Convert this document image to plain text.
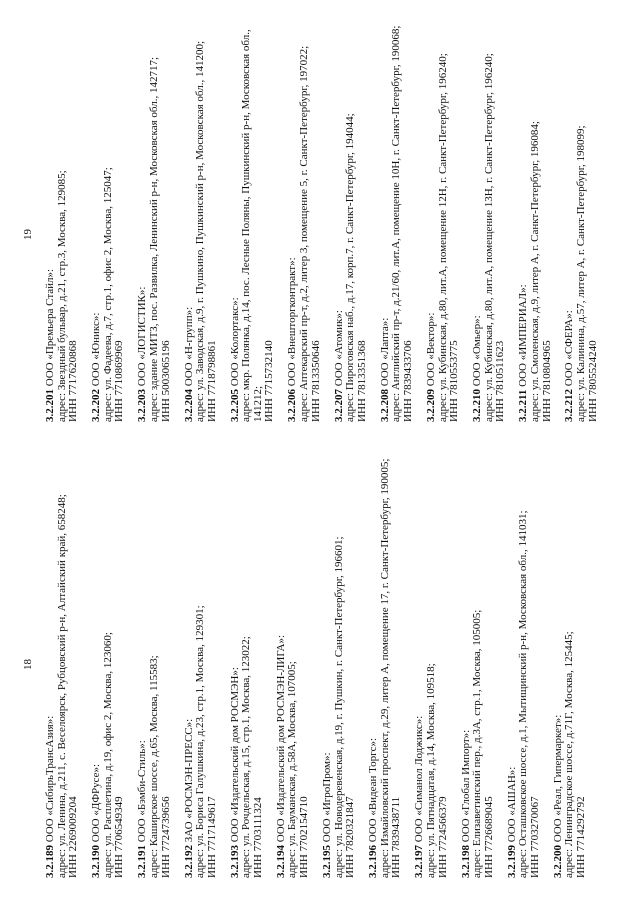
18
19
3.2.189 ООО «СибирьТрансАзия»: адрес: ул. Ленина, д.211, с. Веселоярск, Рубцовский р-н, Алтайский край, 658248; ИНН 2269009204 3.2.190 ООО «ДФРусе»: адрес: ул. Расплетина, д.19, офис 2, Москва, 123060; ИНН 7706549349 3.2.191 ООО «Бэмби-Стиль»: адрес: Каширское шоссе, д.65, Москва, 115583; ИНН 7724739656 3.2.192 ЗАО «РОСМЭН-ПРЕСС»: адрес: ул. Бориса Галушкина, д.23, стр.1, Москва, 129301; ИНН 7717149617 3.2.193 ООО «Издательский дом РОСМЭН»: адрес: ул. Рочдельская, д.15, стр.1, Москва, 123022; ИНН 7703111324 3.2.194 ООО «Издательский дом РОСМЭН-ЛИГА»: адрес: ул. Бауманская, д.58А, Москва, 107005; ИНН 7702154710 3.2.195 ООО «ИгроПром»: адрес: ул. Новодеревенская, д.19, г. Пушкин, г. Санкт-Петербург, 196601; ИНН 7820321847 3.2.196 ООО «Видеан Торгс»: адрес: Измайловский проспект, д.29, литер А, помещение 17, г. Санкт-Петербург, 190005; ИНН 7839438711 3.2.197 ООО «Симанол Лоджикс»: адрес: ул. Пятнадцатая, д.14, Москва, 109518; ИНН 7724566379 3.2.198 ООО «Глобал Импорт»: адрес: Елизаветинский пер., д.3А, стр.1, Москва, 105005; ИНН 7726689045 3.2.199 ООО «АШАН»: адрес: Осташковское шоссе, д.1, Мытищинский р-н, Московская обл., 141031; ИНН 7703270067 3.2.200 ООО «Реал, Гипермаркет»: адрес: Ленинградское шоссе, д.71Г, Москва, 125445; ИНН 7714292792
3.2.201 ООО «Премьера Стайл»: адрес: Звездный бульвар, д.21, стр.3, Москва, 129085; ИНН 7717620868 3.2.202 ООО «Юникс»: адрес: ул. Фадеева, д.7, стр.1, офис 2, Москва, 125047; ИНН 7710869969 3.2.203 ООО «ЛОГИСТИК»: адрес: здание МИТЗ, пос. Развилка, Ленинский р-н, Московская обл., 142717; ИНН 5003065196 3.2.204 ООО «Н-групп»: адрес: ул. Заводская, д.9, г. Пушкино, Пушкинский р-н, Московская обл., 141200; ИНН 7718798861 3.2.205 ООО «Колортакс»: адрес: мкр. Полянка, д.14, пос. Лесные Поляны, Пушкинский р-н, Московская обл., 141212; ИНН 7715732140 3.2.206 ООО «Внешторгконтракт»: адрес: Аптекарский пр-т, д.2, литер 3, помещение 5, г. Санкт-Петербург, 197022; ИНН 7813350646 3.2.207 ООО «Атомик»: адрес: Пироговская наб., д.17, корп.7, г. Санкт-Петербург, 194044; ИНН 7813351368 3.2.208 ООО «Лапта»: адрес: Английский пр-т, д.21/60, лит.А, помещение 10Н, г. Санкт-Петербург, 190068; ИНН 7839433706 3.2.209 ООО «Вектор»: адрес: ул. Кубинская, д.80, лит.А, помещение 12Н, г. Санкт-Петербург, 196240; ИНН 7810553775 3.2.210 ООО «Омьер»: адрес: ул. Кубинская, д.80, лит.А, помещение 13Н, г. Санкт-Петербург, 196240; ИНН 7810511623 3.2.211 ООО «ИМПЕРИАЛ»: адрес: ул. Смоленская, д.9, литер А, г. Санкт-Петербург, 196084; ИНН 7810804965 3.2.212 ООО «СФЕРА»: адрес: ул. Калинина, д.57, литер А, г. Санкт-Петербург, 198099; ИНН 7805524240
